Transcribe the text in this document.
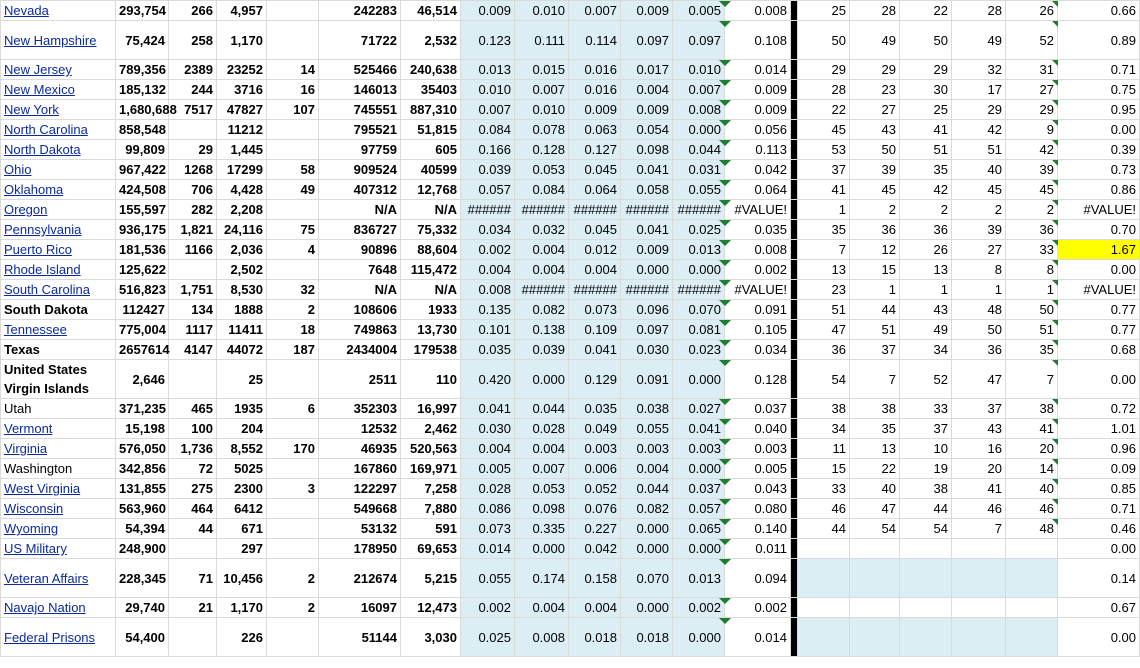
Nevada	293,754	266	4,957		242283	46,514	0.009	0.010	0.007	0.009	0.005	0.008		25	28	22	28	26	0.66
New Hampshire	75,424	258	1,170		71722	2,532	0.123	0.111	0.114	0.097	0.097	0.108		50	49	50	49	52	0.89
New Jersey	789,356	2389	23252	14	525466	240,638	0.013	0.015	0.016	0.017	0.010	0.014		29	29	29	32	31	0.71
New Mexico	185,132	244	3716	16	146013	35403	0.010	0.007	0.016	0.004	0.007	0.009		28	23	30	17	27	0.75
New York	1,680,688	7517	47827	107	745551	887,310	0.007	0.010	0.009	0.009	0.008	0.009		22	27	25	29	29	0.95
North Carolina	858,548		11212		795521	51,815	0.084	0.078	0.063	0.054	0.000	0.056		45	43	41	42	9	0.00
North Dakota	99,809	29	1,445		97759	605	0.166	0.128	0.127	0.098	0.044	0.113		53	50	51	51	42	0.39
Ohio	967,422	1268	17299	58	909524	40599	0.039	0.053	0.045	0.041	0.031	0.042		37	39	35	40	39	0.73
Oklahoma	424,508	706	4,428	49	407312	12,768	0.057	0.084	0.064	0.058	0.055	0.064		41	45	42	45	45	0.86
Oregon	155,597	282	2,208		N/A	N/A	######	######	######	######	######	#VALUE!		1	2	2	2	2	#VALUE!
Pennsylvania	936,175	1,821	24,116	75	836727	75,332	0.034	0.032	0.045	0.041	0.025	0.035		35	36	36	39	36	0.70
Puerto Rico	181,536	1166	2,036	4	90896	88,604	0.002	0.004	0.012	0.009	0.013	0.008		7	12	26	27	33	1.67
Rhode Island	125,622		2,502		7648	115,472	0.004	0.004	0.004	0.000	0.000	0.002		13	15	13	8	8	0.00
South Carolina	516,823	1,751	8,530	32	N/A	N/A	0.008	######	######	######	######	#VALUE!		23	1	1	1	1	#VALUE!
South Dakota	112427	134	1888	2	108606	1933	0.135	0.082	0.073	0.096	0.070	0.091		51	44	43	48	50	0.77
Tennessee	775,004	1117	11411	18	749863	13,730	0.101	0.138	0.109	0.097	0.081	0.105		47	51	49	50	51	0.77
Texas	2657614	4147	44072	187	2434004	179538	0.035	0.039	0.041	0.030	0.023	0.034		36	37	34	36	35	0.68
United States Virgin Islands	2,646		25		2511	110	0.420	0.000	0.129	0.091	0.000	0.128		54	7	52	47	7	0.00
Utah	371,235	465	1935	6	352303	16,997	0.041	0.044	0.035	0.038	0.027	0.037		38	38	33	37	38	0.72
Vermont	15,198	100	204		12532	2,462	0.030	0.028	0.049	0.055	0.041	0.040		34	35	37	43	41	1.01
Virginia	576,050	1,736	8,552	170	46935	520,563	0.004	0.004	0.003	0.003	0.003	0.003		11	13	10	16	20	0.96
Washington	342,856	72	5025		167860	169,971	0.005	0.007	0.006	0.004	0.000	0.005		15	22	19	20	14	0.09
West Virginia	131,855	275	2300	3	122297	7,258	0.028	0.053	0.052	0.044	0.037	0.043		33	40	38	41	40	0.85
Wisconsin	563,960	464	6412		549668	7,880	0.086	0.098	0.076	0.082	0.057	0.080		46	47	44	46	46	0.71
Wyoming	54,394	44	671		53132	591	0.073	0.335	0.227	0.000	0.065	0.140		44	54	54	7	48	0.46
US Military	248,900		297		178950	69,653	0.014	0.000	0.042	0.000	0.000	0.011							0.00
Veteran Affairs	228,345	71	10,456	2	212674	5,215	0.055	0.174	0.158	0.070	0.013	0.094							0.14
Navajo Nation	29,740	21	1,170	2	16097	12,473	0.002	0.004	0.004	0.000	0.002	0.002							0.67
Federal Prisons	54,400		226		51144	3,030	0.025	0.008	0.018	0.018	0.000	0.014							0.00
